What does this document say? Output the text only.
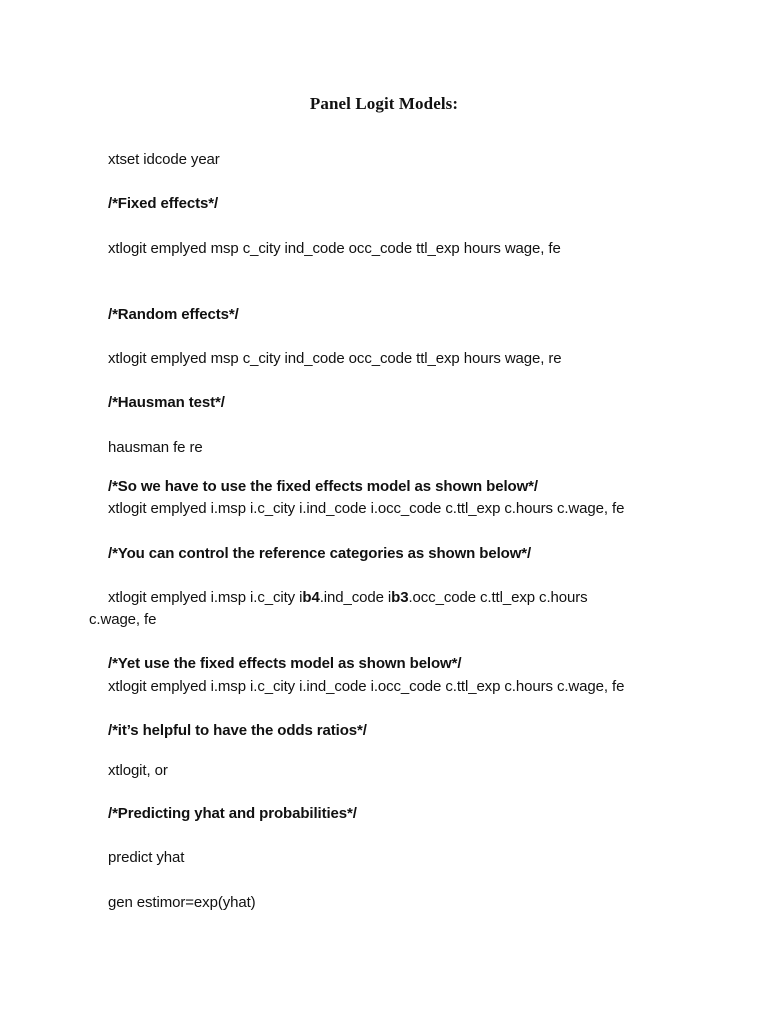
Panel Logit Models:
xtset idcode year
/*Fixed effects*/
xtlogit emplyed msp c_city ind_code occ_code ttl_exp hours wage, fe
/*Random effects*/
xtlogit emplyed msp c_city ind_code occ_code ttl_exp hours wage, re
/*Hausman test*/
hausman fe re
/*So we have to use the fixed effects model as shown below*/
xtlogit emplyed i.msp i.c_city i.ind_code i.occ_code c.ttl_exp c.hours c.wage, fe
/*You can control the reference categories as shown below*/
xtlogit emplyed i.msp i.c_city ib4.ind_code ib3.occ_code c.ttl_exp c.hours
c.wage, fe
/*Yet use the fixed effects model as shown below*/
xtlogit emplyed i.msp i.c_city i.ind_code i.occ_code c.ttl_exp c.hours c.wage, fe
/*it’s helpful to have the odds ratios*/
xtlogit, or
/*Predicting yhat and probabilities*/
predict yhat
gen estimor=exp(yhat)
